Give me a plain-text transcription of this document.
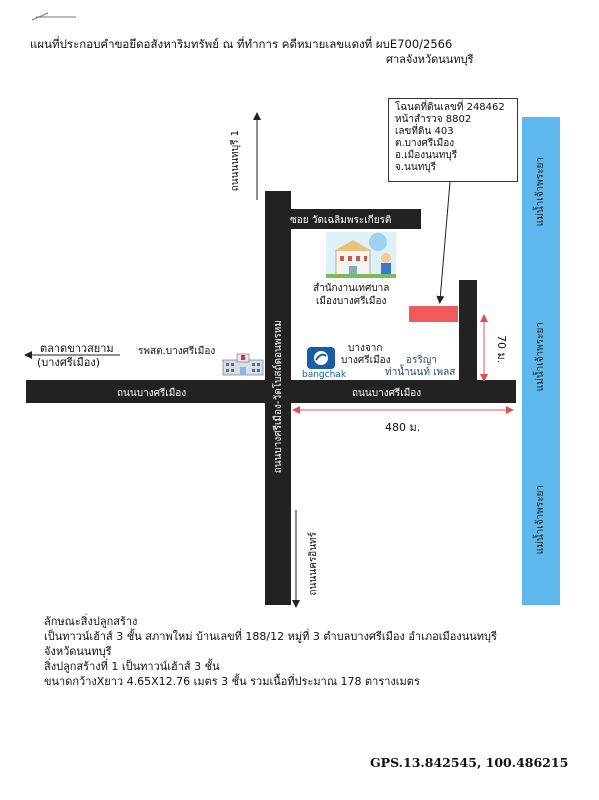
แผนที่ประกอบคำขอยึดอสังหาริมทรัพย์ ณ ที่ทำการ คดีหมายเลขแดงที่ ผบE700/2566
ศาลจังหวัดนนทบุรี
โฉนดที่ดินเลขที่ 248462
หน้าสำรวจ 8802
เลขที่ดิน 403
ต.บางศรีเมือง
อ.เมืองนนทบุรี
จ.นนทบุรี	แม่น้ำเจ้าพระยา
แม่น้ำเจ้าพระยา
แม่น้ำเจ้าพระยา
ถนนบางศรีเมือง	ถนนบางศรีเมือง
ซอย วัดเฉลิมพระเกียรติ
ถนนบางศรีเมือง-วัดโบสถ์ดอนพรหม
ถนนนนทบุรี 1
ถนนนครอินทร์
480 ม.
70 ม.
ตลาดขาวสยาม
(บางศรีเมือง)
รพสต.บางศรีเมือง
สำนักงานเทศบาล
เมืองบางศรีเมือง
bangchak
บางจาก
บางศรีเมือง อรริญา
ท่าน้ำนนท์ เพลส
ลักษณะสิ่งปลูกสร้าง
เป็นทาวน์เฮ้าส์ 3 ชั้น สภาพใหม่ บ้านเลขที่ 188/12 หมู่ที่ 3 ตำบลบางศรีเมือง อำเภอเมืองนนทบุรี
จังหวัดนนทบุรี
สิ่งปลูกสร้างที่ 1 เป็นทาวน์เฮ้าส์ 3 ชั้น
ขนาดกว้างXยาว 4.65X12.76 เมตร 3 ชั้น รวมเนื้อที่ประมาณ 178 ตารางเมตร
GPS.13.842545, 100.486215
